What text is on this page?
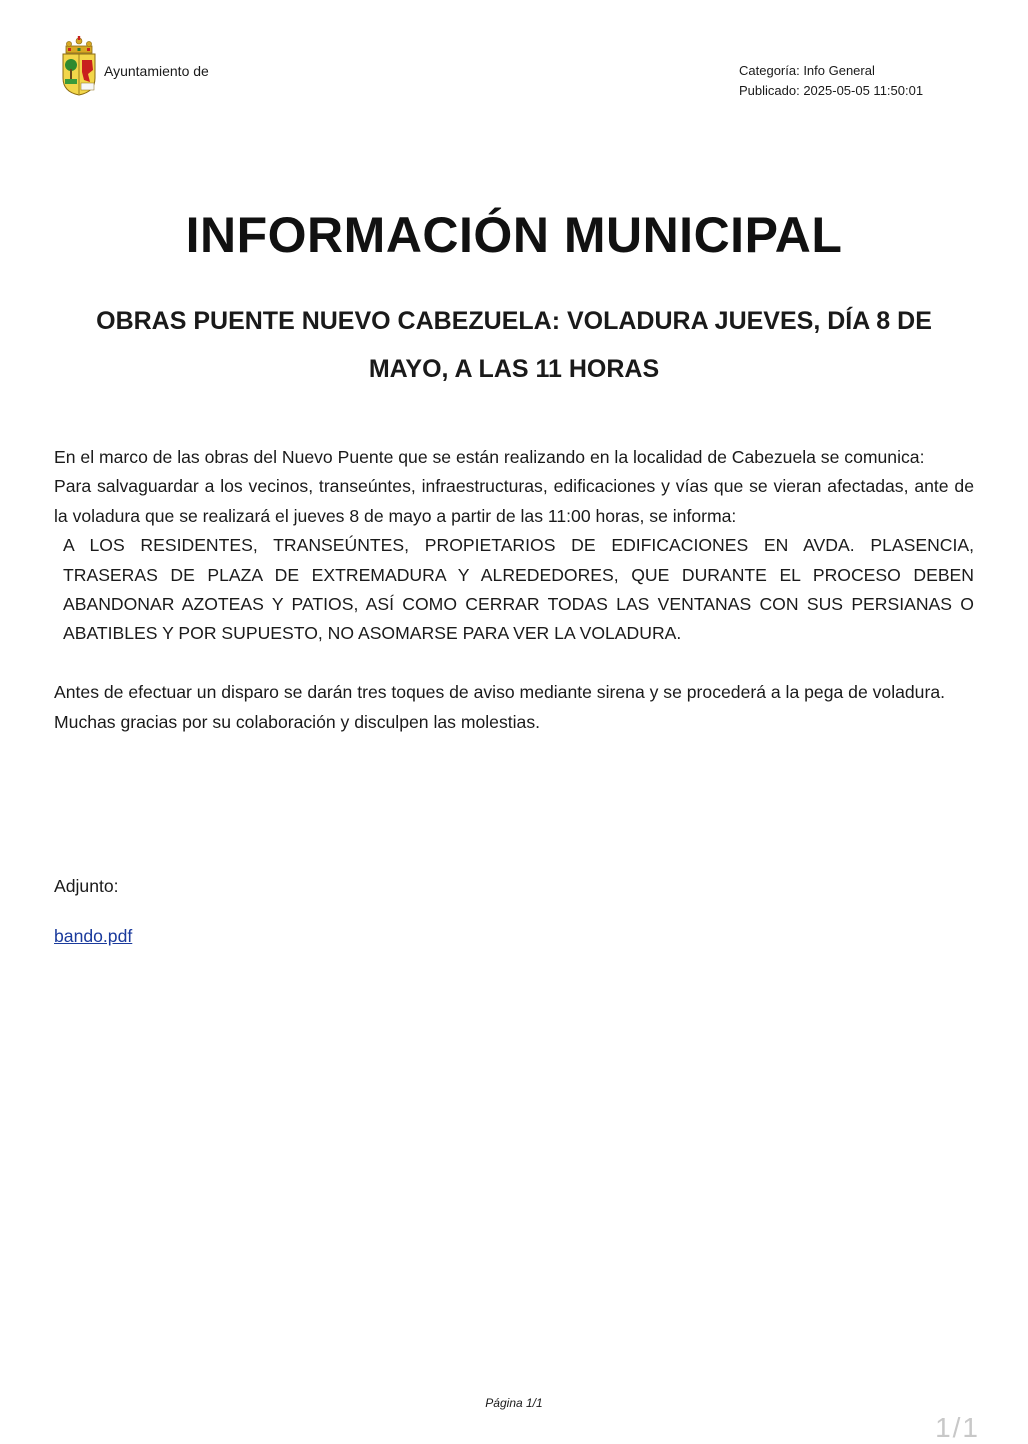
Ayuntamiento de	Categoría: Info General
Publicado: 2025-05-05 11:50:01
INFORMACIÓN MUNICIPAL
OBRAS PUENTE NUEVO CABEZUELA: VOLADURA JUEVES, DÍA 8 DE MAYO, A LAS 11 HORAS

En el marco de las obras del Nuevo Puente que se están realizando en la localidad de Cabezuela se comunica:

Para salvaguardar a los vecinos, transeúntes, infraestructuras, edificaciones y vías que se vieran afectadas, ante de la voladura que se realizará el jueves 8 de mayo a partir de las 11:00 horas, se informa:

A LOS RESIDENTES, TRANSEÚNTES, PROPIETARIOS DE EDIFICACIONES EN AVDA. PLASENCIA, TRASERAS DE PLAZA DE EXTREMADURA Y ALREDEDORES, QUE DURANTE EL PROCESO DEBEN ABANDONAR AZOTEAS Y PATIOS, ASÍ COMO CERRAR TODAS LAS VENTANAS CON SUS PERSIANAS O ABATIBLES Y POR SUPUESTO, NO ASOMARSE PARA VER LA VOLADURA.

Antes de efectuar un disparo se darán tres toques de aviso mediante sirena y se procederá a la pega de voladura.

Muchas gracias por su colaboración y disculpen las molestias.

Adjunto:
bando.pdf
Página 1/1
1/1
